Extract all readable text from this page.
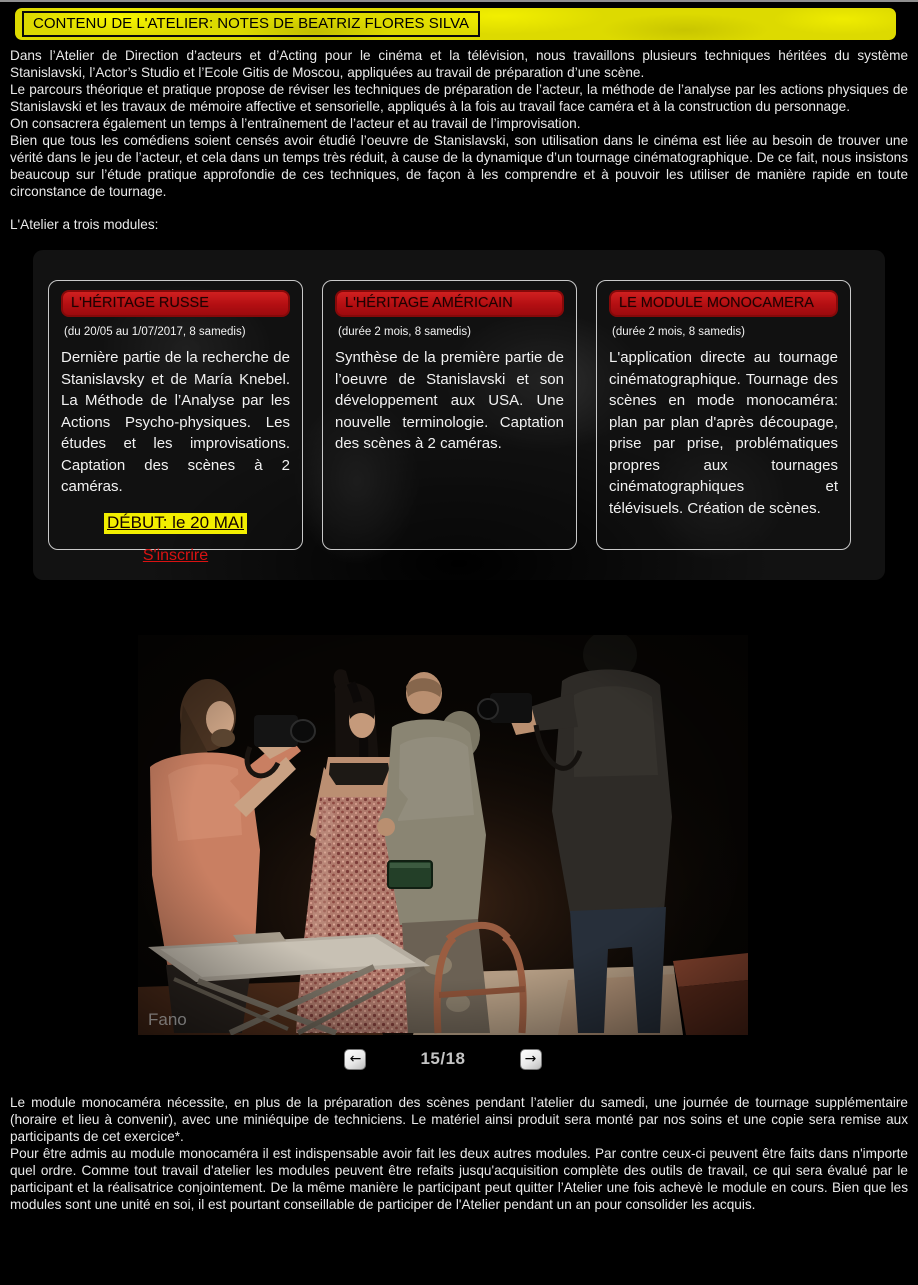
CONTENU DE L'ATELIER: NOTES DE BEATRIZ FLORES SILVA

Dans l’Atelier de Direction d’acteurs et d’Acting pour le cinéma et la télévision, nous travaillons plusieurs techniques héritées du système Stanislavski, l’Actor’s Studio et l’Ecole Gitis de Moscou, appliquées au travail de préparation d’une scène.

Le parcours théorique et pratique propose de réviser les techniques de préparation de l’acteur, la méthode de l’analyse par les actions physiques de Stanislavski et les travaux de mémoire affective et sensorielle, appliqués à la fois au travail face caméra et à la construction du personnage.

On consacrera également un temps à l’entraînement de l’acteur et au travail de l’improvisation.

Bien que tous les comédiens soient censés avoir étudié l’oeuvre de Stanislavski, son utilisation dans le cinéma est liée au besoin de trouver une vérité dans le jeu de l’acteur, et cela dans un temps très réduit, à cause de la dynamique d’un tournage cinématographique. De ce fait, nous insistons beaucoup sur l’étude pratique approfondie de ces techniques, de façon à les comprendre et à pouvoir les utiliser de manière rapide en toute circonstance de tournage.

L'Atelier a trois modules:

L'HÉRITAGE RUSSE
(du 20/05 au 1/07/2017, 8 samedis)
Dernière partie de la recherche de Stanislavsky et de María Knebel. La Méthode de l’Analyse par les Actions Psycho-physiques. Les études et les improvisations. Captation des scènes à 2 caméras.
DÉBUT: le 20 MAI
S'inscrire
L'HÉRITAGE AMÉRICAIN
(durée 2 mois, 8 samedis)
Synthèse de la première partie de l’oeuvre de Stanislavski et son développement aux USA. Une nouvelle terminologie. Captation des scènes à 2 caméras.
LE MODULE MONOCAMERA
(durée 2 mois, 8 samedis)
L'application directe au tournage cinématographique. Tournage des scènes en mode monocaméra: plan par plan d'après découpage, prise par prise, problématiques propres aux tournages cinématographiques et télévisuels. Création de scènes.
Fano
←	15/18	→

Le module monocaméra nécessite, en plus de la préparation des scènes pendant l’atelier du samedi, une journée de tournage supplémentaire (horaire et lieu à convenir), avec une miniéquipe de techniciens. Le matériel ainsi produit sera monté par nos soins et une copie sera remise aux participants de cet exercice*.

Pour être admis au module monocaméra il est indispensable avoir fait les deux autres modules. Par contre ceux-ci peuvent être faits dans n'importe quel ordre. Comme tout travail d'atelier les modules peuvent être refaits jusqu'acquisition complète des outils de travail, ce qui sera évalué par le participant et la réalisatrice conjointement. De la même manière le participant peut quitter l’Atelier une fois achevè le module en cours. Bien que les modules sont une unité en soi, il est pourtant conseillable de participer de l'Atelier pendant un an pour consolider les acquis.
